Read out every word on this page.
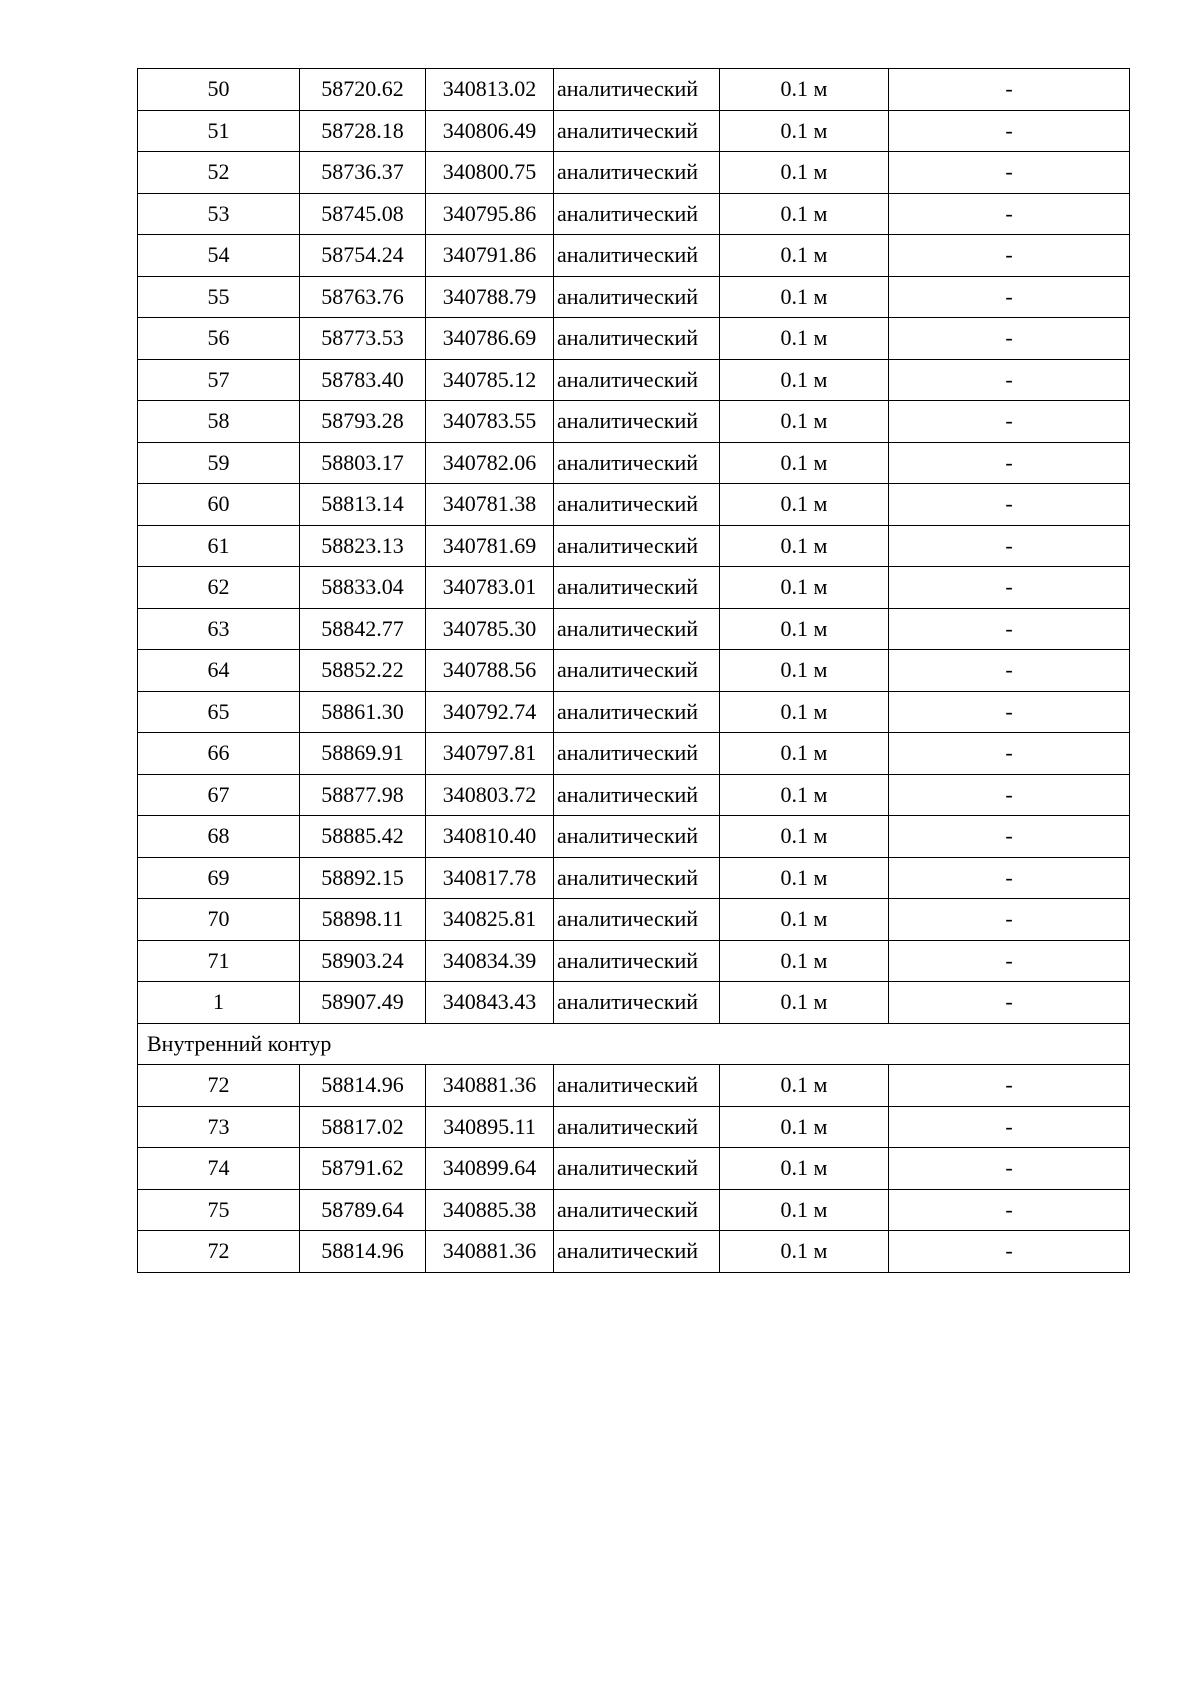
50	58720.62	340813.02	аналитический	0.1 м	-
51	58728.18	340806.49	аналитический	0.1 м	-
52	58736.37	340800.75	аналитический	0.1 м	-
53	58745.08	340795.86	аналитический	0.1 м	-
54	58754.24	340791.86	аналитический	0.1 м	-
55	58763.76	340788.79	аналитический	0.1 м	-
56	58773.53	340786.69	аналитический	0.1 м	-
57	58783.40	340785.12	аналитический	0.1 м	-
58	58793.28	340783.55	аналитический	0.1 м	-
59	58803.17	340782.06	аналитический	0.1 м	-
60	58813.14	340781.38	аналитический	0.1 м	-
61	58823.13	340781.69	аналитический	0.1 м	-
62	58833.04	340783.01	аналитический	0.1 м	-
63	58842.77	340785.30	аналитический	0.1 м	-
64	58852.22	340788.56	аналитический	0.1 м	-
65	58861.30	340792.74	аналитический	0.1 м	-
66	58869.91	340797.81	аналитический	0.1 м	-
67	58877.98	340803.72	аналитический	0.1 м	-
68	58885.42	340810.40	аналитический	0.1 м	-
69	58892.15	340817.78	аналитический	0.1 м	-
70	58898.11	340825.81	аналитический	0.1 м	-
71	58903.24	340834.39	аналитический	0.1 м	-
1	58907.49	340843.43	аналитический	0.1 м	-
Внутренний контур					
72	58814.96	340881.36	аналитический	0.1 м	-
73	58817.02	340895.11	аналитический	0.1 м	-
74	58791.62	340899.64	аналитический	0.1 м	-
75	58789.64	340885.38	аналитический	0.1 м	-
72	58814.96	340881.36	аналитический	0.1 м	-
